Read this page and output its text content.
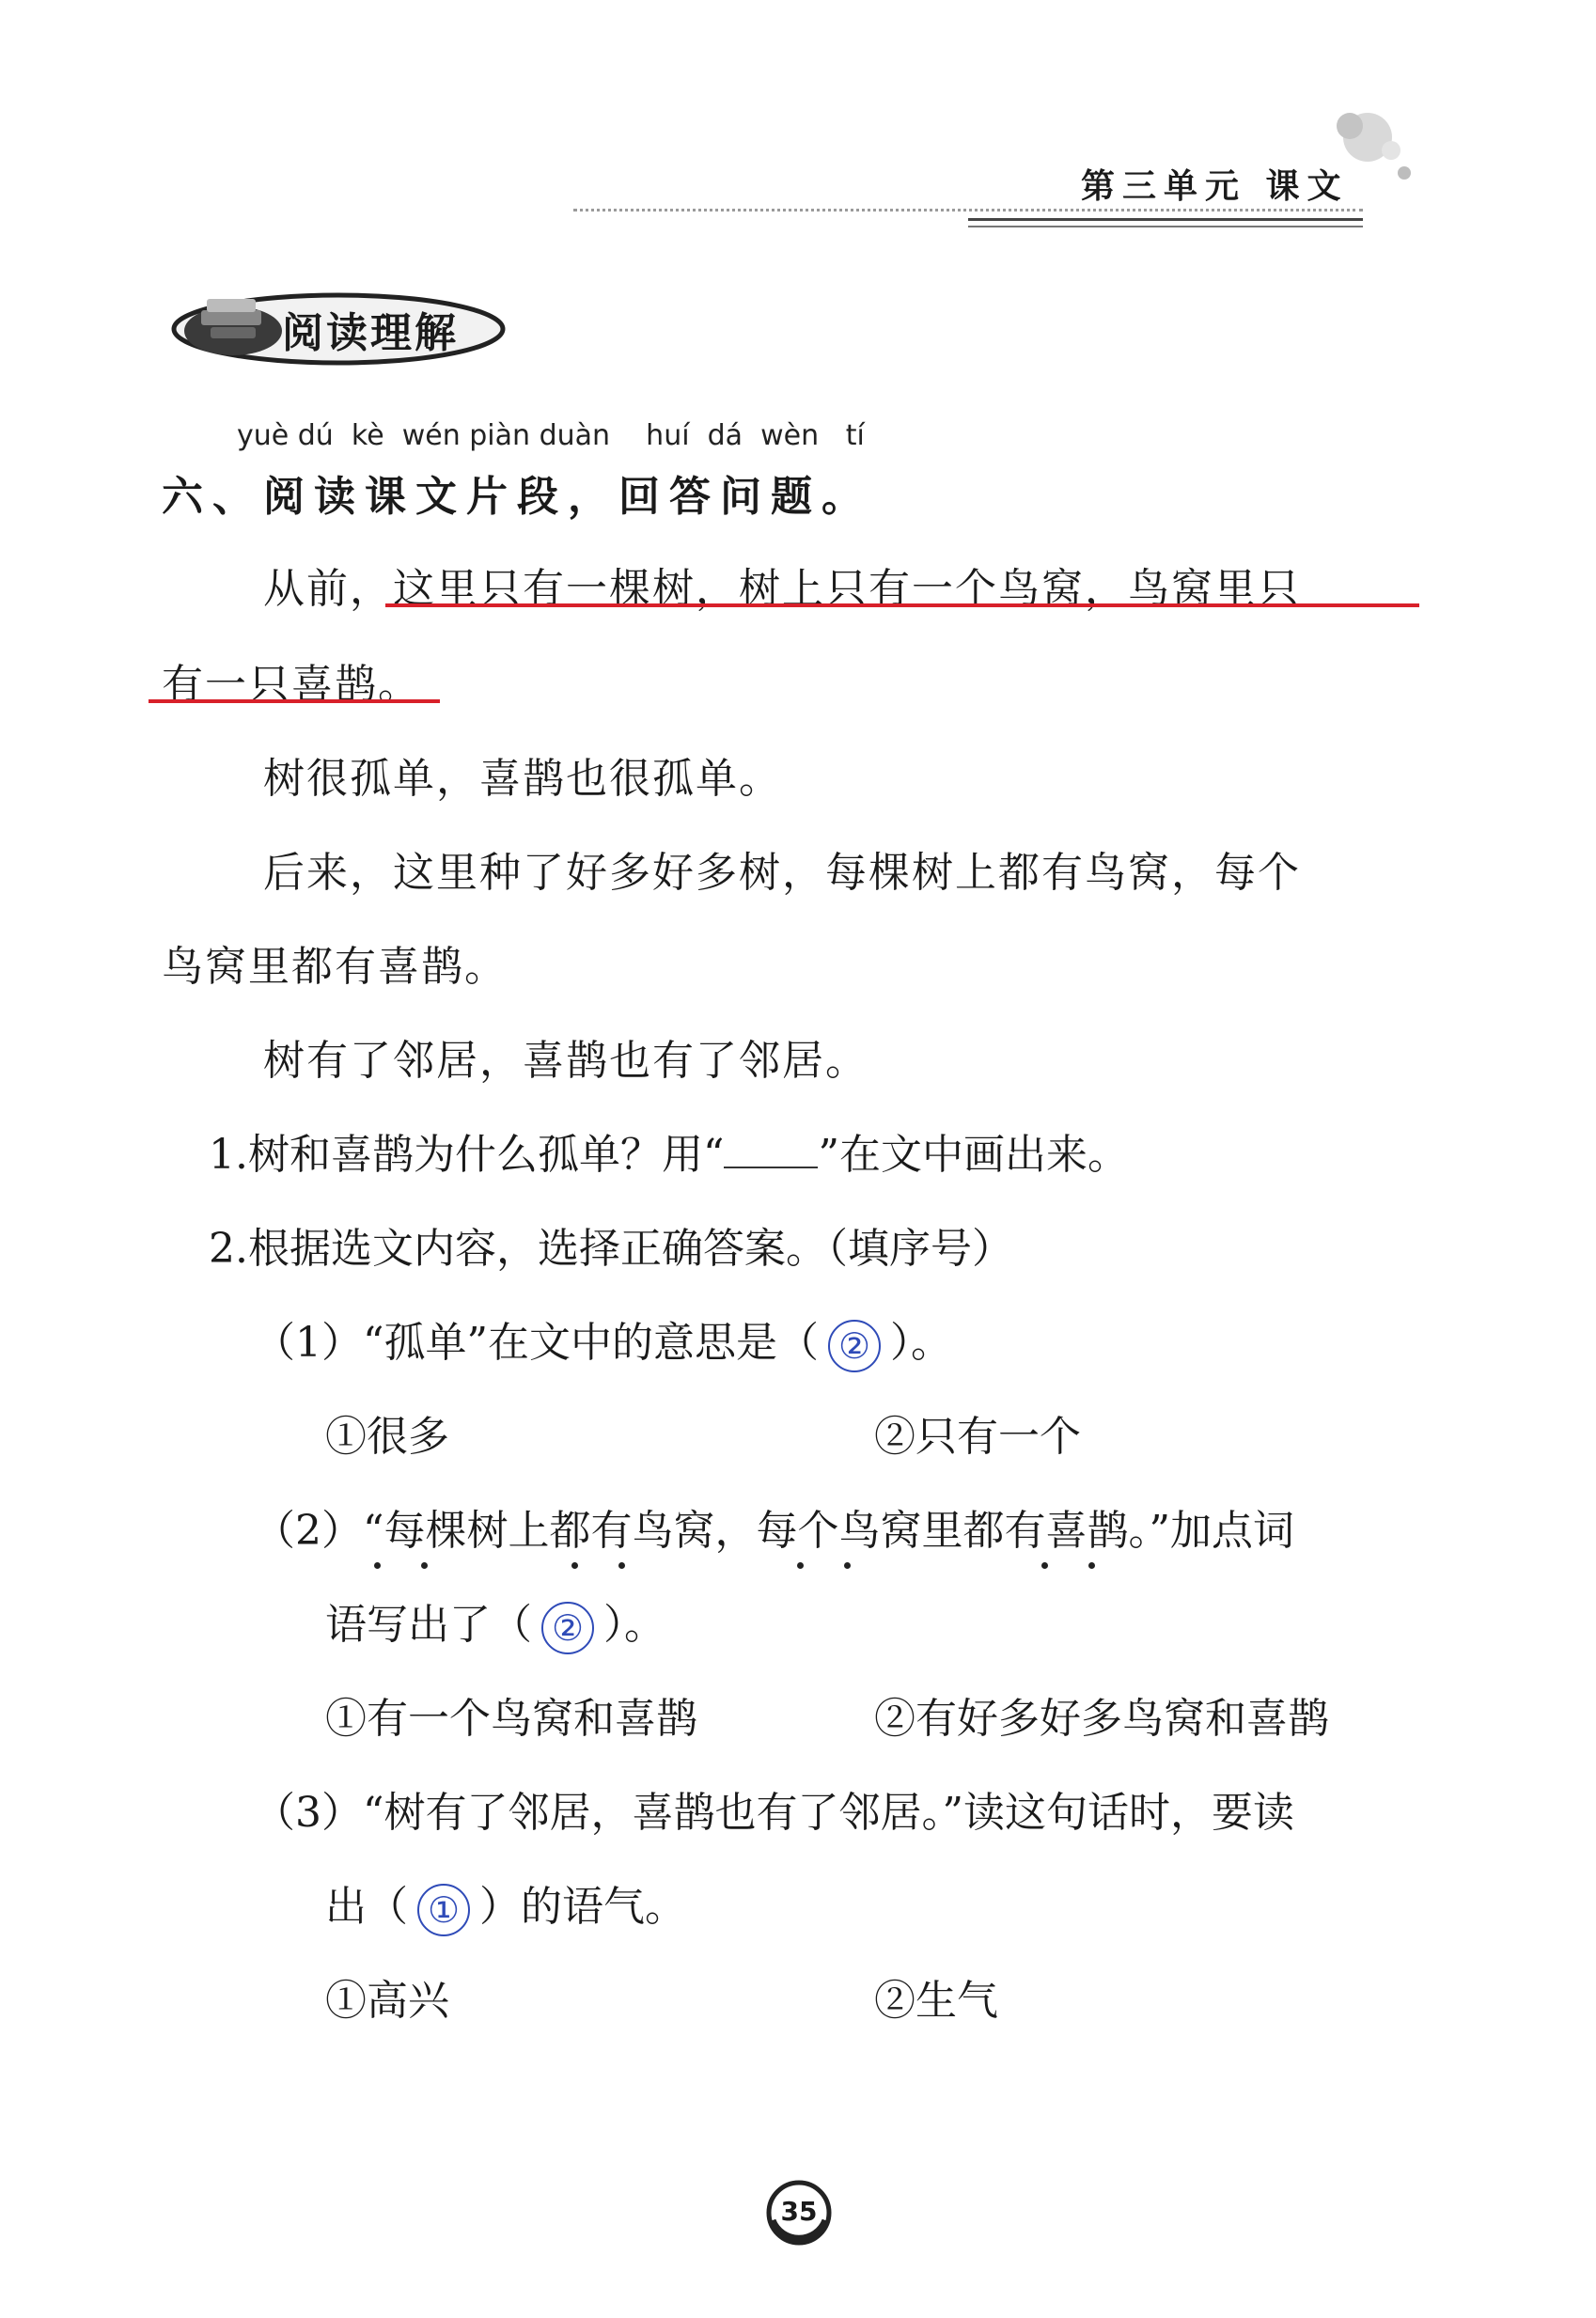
第三单元 课文
阅读理解
yuè dú  kè  wén piàn duàn    huí  dá  wèn   tí
六、阅读课文片段，回答问题。
从前，这里只有一棵树，树上只有一个鸟窝，鸟窝里只
有一只喜鹊。
树很孤单，喜鹊也很孤单。
后来，这里种了好多好多树，每棵树上都有鸟窝，每个
鸟窝里都有喜鹊。
树有了邻居，喜鹊也有了邻居。
1.树和喜鹊为什么孤单？用“ ”在文中画出来。
2.根据选文内容，选择正确答案。（填序号）
（1）“孤单”在文中的意思是（ ② ）。
①很多	②只有一个
（2）“每棵树上都有鸟窝，每个鸟窝里都有喜鹊。”加点词
语写出了（ ② ）。
①有一个鸟窝和喜鹊	②有好多好多鸟窝和喜鹊
（3）“树有了邻居，喜鹊也有了邻居。”读这句话时，要读
出（ ① ）的语气。
①高兴	②生气
35
